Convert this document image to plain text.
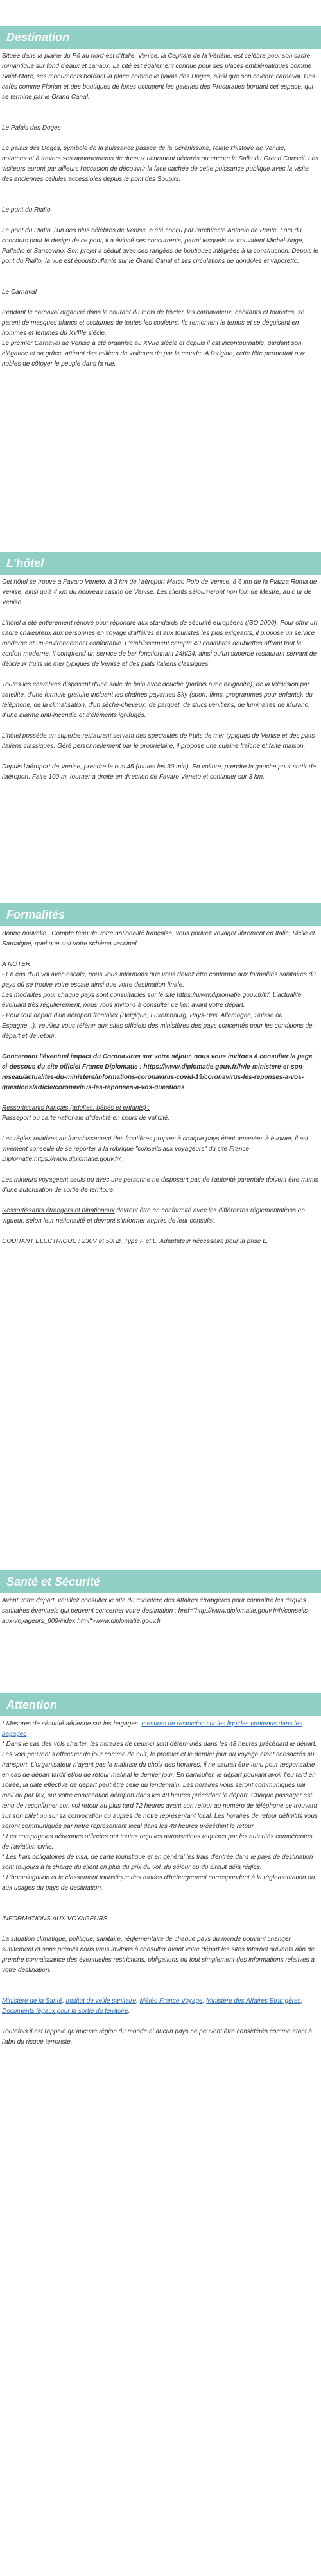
Destination

Située dans la plaine du Pô au nord-est d'Italie, Venise, la Capitale de la Vénétie, est célèbre pour son cadre romantique sur fond d'eaux et canaux. La cité est également connue pour ses places emblématiques comme Saint-Marc, ses monuments bordant la place comme le palais des Doges, ainsi que son célèbre carnaval. Des cafés comme Florian et des boutiques de luxes occupent les galeries des Procuraties bordant cet espace, qui se termine par le Grand Canal.

Le Palais des Doges

Le palais des Doges, symbole de la puissance passée de la Sérénissime, relate l'histoire de Venise, notamment à travers ses appartements de ducaux richement décorés ou encore la Salle du Grand Conseil. Les visiteurs auront par ailleurs l'occasion de découvrir la face cachée de cette puissance publique avec la visite des anciennes cellules accessibles depuis le pont des Soupirs.

Le pont du Rialto

Le pont du Rialto, l'un des plus célèbres de Venise, a été conçu par l'architecte Antonio da Ponte. Lors du concours pour le design de ce pont, il a évincé ses concurrents, parmi lesquels se trouvaient Michel-Ange, Palladio et Sansovino. Son projet a séduit avec ses rangées de boutiques intégrées à la construction. Depuis le pont du Rialto, la vue est époustouflante sur le Grand Canal et ses circulations de gondoles et vaporetto.

Le Carnaval

Pendant le carnaval organisé dans le courant du mois de février, les carnavaleux, habitants et touristes, se parent de masques blancs et costumes de toutes les couleurs. Ils remontent le temps et se déguisent en hommes et femmes du XVIIIe siècle.

Le premier Carnaval de Venise a été organisé au XVIIe siècle et depuis il est incontournable, gardant son élégance et sa grâce, attirant des milliers de visiteurs de par le monde. À l'origine, cette fête permettait aux nobles de côtoyer le peuple dans la rue.

L'hôtel

Cet hôtel se trouve à Favaro Veneto, à 3 km de l'aéroport Marco Polo de Venise, à 6 km de la Piazza Roma de Venise, ainsi qu'à 4 km du nouveau casino de Venise. Les clients séjourneront non loin de Mestre, au c ur de Venise.

L'hôtel a été entièrement rénové pour répondre aux standards de sécurité européens (ISO 2000). Pour offrir un cadre chaleureux aux personnes en voyage d'affaires et aux touristes les plus exigeants, il propose un service moderne et un environnement confortable. L'établissement compte 40 chambres doublettes offrant tout le confort moderne. Il comprend un service de bar fonctionnant 24h/24, ainsi qu'un superbe restaurant servant de délicieux fruits de mer typiques de Venise et des plats italiens classiques.

Toutes les chambres disposent d'une salle de bain avec douche (parfois avec baignoire), de la télévision par satellite, d'une formule gratuite incluant les chaînes payantes Sky (sport, films, programmes pour enfants), du téléphone, de la climatisation, d'un sèche-cheveux, de parquet, de stucs vénitiens, de luminaires de Murano, d'une alarme anti-incendie et d'éléments ignifugés.

L'hôtel possède un superbe restaurant servant des spécialités de fruits de mer typiques de Venise et des plats italiens classiques. Géré personnellement par le propriétaire, il propose une cuisine fraîche et faite maison.

Depuis l'aéroport de Venise, prendre le bus 45 (toutes les 30 min). En voiture, prendre la gauche pour sortir de l'aéroport. Faire 100 m, tourner à droite en direction de Favaro Veneto et continuer sur 3 km.

Formalités

Bonne nouvelle : Compte tenu de votre nationalité française, vous pouvez voyager librement en Italie, Sicile et Sardaigne, quel que soit votre schéma vaccinal.

A NOTER

- En cas d'un vol avec escale, nous vous informons que vous devez être conforme aux formalités sanitaires du pays où se trouve votre escale ainsi que votre destination finale.
Les modalités pour chaque pays sont consultables sur le site https://www.diplomatie.gouv.fr/fr/. L'actualité évoluant très régulièrement, nous vous invitons à consulter ce lien avant votre départ.
- Pour tout départ d'un aéroport frontalier (Belgique, Luxembourg, Pays-Bas, Allemagne, Suisse ou Espagne...), veuillez vous référer aux sites officiels des ministères des pays concernés pour les conditions de départ et de retour.

Concernant l'éventuel impact du Coronavirus sur votre séjour, nous vous invitons à consulter la page ci-dessous du site officiel France Diplomatie : https://www.diplomatie.gouv.fr/fr/le-ministere-et-son-reseau/actualites-du-ministere/informations-coronavirus-covid-19/coronavirus-les-reponses-a-vos-questions/article/coronavirus-les-reponses-a-vos-questions

Ressortissants français (adultes, bébés et enfants) :

Passeport ou carte nationale d'identité en cours de validité.

Les règles relatives au franchissement des frontières propres à chaque pays étant amenées à évoluer, il est vivement conseillé de se reporter à la rubrique "conseils aux voyageurs" du site France Diplomatie:https://www.diplomatie.gouv.fr/.

Les mineurs voyageant seuls ou avec une personne ne disposant pas de l'autorité parentale doivent être munis d'une autorisation de sortie de territoire.

Ressortissants étrangers et binationaux devront être en conformité avec les différentes réglementations en vigueur, selon leur nationalité et devront s'informer auprès de leur consulat.

COURANT ELECTRIQUE : 230V et 50Hz. Type F et L. Adaptateur nécessaire pour la prise L.

Santé et Sécurité

Avant votre départ, veuillez consulter le site du ministère des Affaires étrangères pour connaître les risques sanitaires éventuels qui peuvent concerner votre destination : href="http://www.diplomatie.gouv.fr/fr/conseils-aux-voyageurs_909/index.html">www.diplomatie.gouv.fr

Attention

* Mesures de sécurité aérienne sur les bagages: mesures de restriction sur les liquides contenus dans les bagages

* Dans le cas des vols charter, les horaires de ceux-ci sont déterminés dans les 48 heures précédant le départ. Les vols peuvent s'effectuer de jour comme de nuit, le premier et le dernier jour du voyage étant consacrés au transport. L'organisateur n'ayant pas la maîtrise du choix des horaires, il ne saurait être tenu pour responsable en cas de départ tardif et/ou de retour matinal le dernier jour. En particulier, le départ pouvant avoir lieu tard en soirée, la date effective de départ peut être celle du lendemain. Les horaires vous seront communiqués par mail ou par fax, sur votre convocation aéroport dans les 48 heures précédant le départ. Chaque passager est tenu de reconfirmer son vol retour au plus tard 72 heures avant son retour au numéro de téléphone se trouvant sur son billet ou sur sa convocation ou auprès de notre représentant local. Les horaires de retour définitifs vous seront communiqués par notre représentant local dans les 48 heures précédant le retour.

* Les compagnies aériennes utilisées ont toutes reçu les autorisations requises par les autorités compétentes de l'aviation civile.

* Les frais obligatoires de visa, de carte touristique et en général les frais d'entrée dans le pays de destination sont toujours à la charge du client en plus du prix du vol, du séjour ou du circuit déjà réglés.

* L'homologation et le classement touristique des modes d'hébergement correspondent à la réglementation ou aux usages du pays de destination.

INFORMATIONS AUX VOYAGEURS :

La situation climatique, politique, sanitaire, réglementaire de chaque pays du monde pouvant changer subitement et sans préavis nous vous invitons à consulter avant votre départ les sites Internet suivants afin de prendre connaissance des éventuelles restrictions, obligations ou tout simplement des informations relatives à votre destination.

Ministère de la Santé, Institut de veille sanitaire, Météo France Voyage, Ministère des Affaires Étrangères, Documents légaux pour la sortie du territoire.

Toutefois il est rappelé qu'aucune région du monde ni aucun pays ne peuvent être considérés comme étant à l'abri du risque terroriste.
